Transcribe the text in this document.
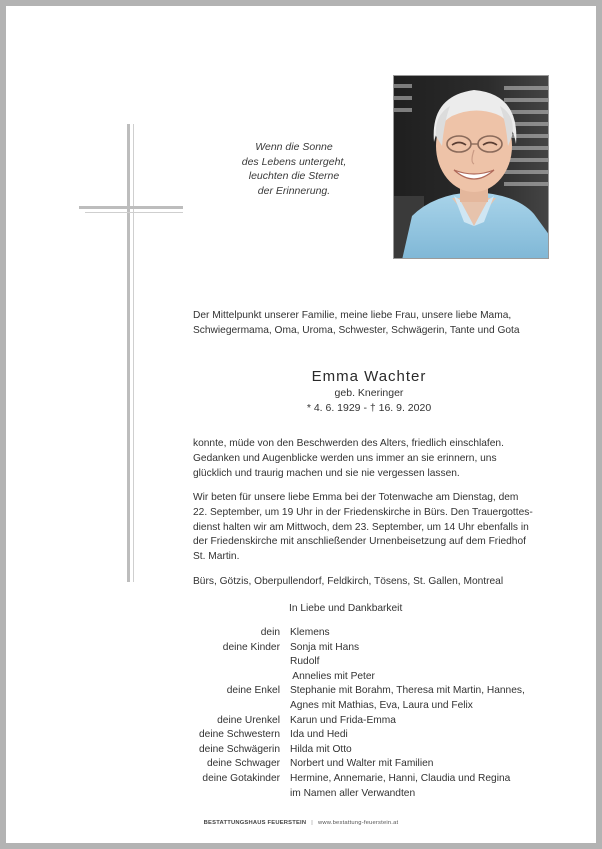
Wenn die Sonne
des Lebens untergeht,
leuchten die Sterne
der Erinnerung.
Der Mittelpunkt unserer Familie, meine liebe Frau, unsere liebe Mama,
Schwiegermama, Oma, Uroma, Schwester, Schwägerin, Tante und Gota
Emma Wachter
geb. Kneringer
* 4. 6. 1929 - † 16. 9. 2020
konnte, müde von den Beschwerden des Alters, friedlich einschlafen.
Gedanken und Augenblicke werden uns immer an sie erinnern, uns
glücklich und traurig machen und sie nie vergessen lassen.
Wir beten für unsere liebe Emma bei der Totenwache am Dienstag, dem
22. September, um 19 Uhr in der Friedenskirche in Bürs. Den Trauergottes-
dienst halten wir am Mittwoch, dem 23. September, um 14 Uhr ebenfalls in
der Friedenskirche mit anschließender Urnenbeisetzung auf dem Friedhof
St. Martin.
Bürs, Götzis, Oberpullendorf, Feldkirch, Tösens, St. Gallen, Montreal
In Liebe und Dankbarkeit
dein Klemens
deine Kinder Sonja mit Hans
Rudolf
Annelies mit Peter
deine Enkel Stephanie mit Borahm, Theresa mit Martin, Hannes,
Agnes mit Mathias, Eva, Laura und Felix
deine Urenkel Karun und Frida-Emma
deine Schwestern Ida und Hedi
deine Schwägerin Hilda mit Otto
deine Schwager Norbert und Walter mit Familien
deine Gotakinder Hermine, Annemarie, Hanni, Claudia und Regina
im Namen aller Verwandten
BESTATTUNGSHAUS FEUERSTEIN | www.bestattung-feuerstein.at
